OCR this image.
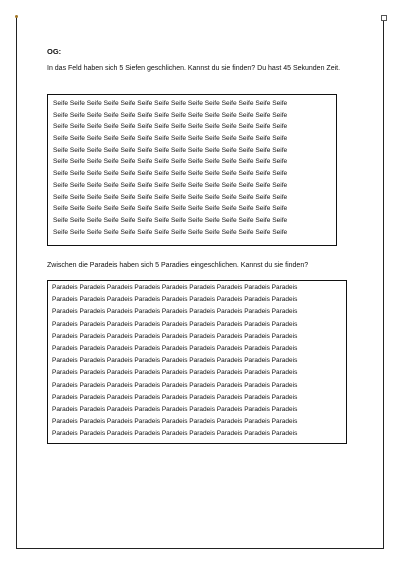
OG:
In das Feld haben sich 5 Siefen geschlichen. Kannst du sie finden? Du hast 45 Sekunden Zeit.
Seife Seife Seife Seife Seife Seife Seife Seife Seife Seife Seife Seife Seife Seife
Seife Seife Seife Seife Seife Seife Seife Seife Seife Seife Seife Seife Seife Seife
Seife Seife Seife Seife Seife Seife Seife Seife Seife Seife Seife Seife Seife Seife
Seife Seife Seife Seife Seife Seife Seife Seife Seife Seife Seife Seife Seife Seife
Seife Seife Seife Seife Seife Seife Seife Seife Seife Seife Seife Seife Seife Seife
Seife Seife Seife Seife Seife Seife Seife Seife Seife Seife Seife Seife Seife Seife
Seife Seife Seife Seife Seife Seife Seife Seife Seife Seife Seife Seife Seife Seife
Seife Seife Seife Seife Seife Seife Seife Seife Seife Seife Seife Seife Seife Seife
Seife Seife Seife Seife Seife Seife Seife Seife Seife Seife Seife Seife Seife Seife
Seife Seife Seife Seife Seife Seife Seife Seife Seife Seife Seife Seife Seife Seife
Seife Seife Seife Seife Seife Seife Seife Seife Seife Seife Seife Seife Seife Seife
Seife Seife Seife Seife Seife Seife Seife Seife Seife Seife Seife Seife Seife Seife
Zwischen die Paradeis haben sich 5 Paradies eingeschlichen. Kannst du sie finden?
Paradeis Paradeis Paradeis Paradeis Paradeis Paradeis Paradeis Paradeis Paradeis
Paradeis Paradeis Paradeis Paradeis Paradeis Paradeis Paradeis Paradeis Paradeis
Paradeis Paradeis Paradeis Paradeis Paradeis Paradeis Paradeis Paradeis Paradeis
Paradeis Paradeis Paradeis Paradeis Paradeis Paradeis Paradeis Paradeis Paradeis
Paradeis Paradeis Paradeis Paradeis Paradeis Paradeis Paradeis Paradeis Paradeis
Paradeis Paradeis Paradeis Paradeis Paradeis Paradeis Paradeis Paradeis Paradeis
Paradeis Paradeis Paradeis Paradeis Paradeis Paradeis Paradeis Paradeis Paradeis
Paradeis Paradeis Paradeis Paradeis Paradeis Paradeis Paradeis Paradeis Paradeis
Paradeis Paradeis Paradeis Paradeis Paradeis Paradeis Paradeis Paradeis Paradeis
Paradeis Paradeis Paradeis Paradeis Paradeis Paradeis Paradeis Paradeis Paradeis
Paradeis Paradeis Paradeis Paradeis Paradeis Paradeis Paradeis Paradeis Paradeis
Paradeis Paradeis Paradeis Paradeis Paradeis Paradeis Paradeis Paradeis Paradeis
Paradeis Paradeis Paradeis Paradeis Paradeis Paradeis Paradeis Paradeis Paradeis
